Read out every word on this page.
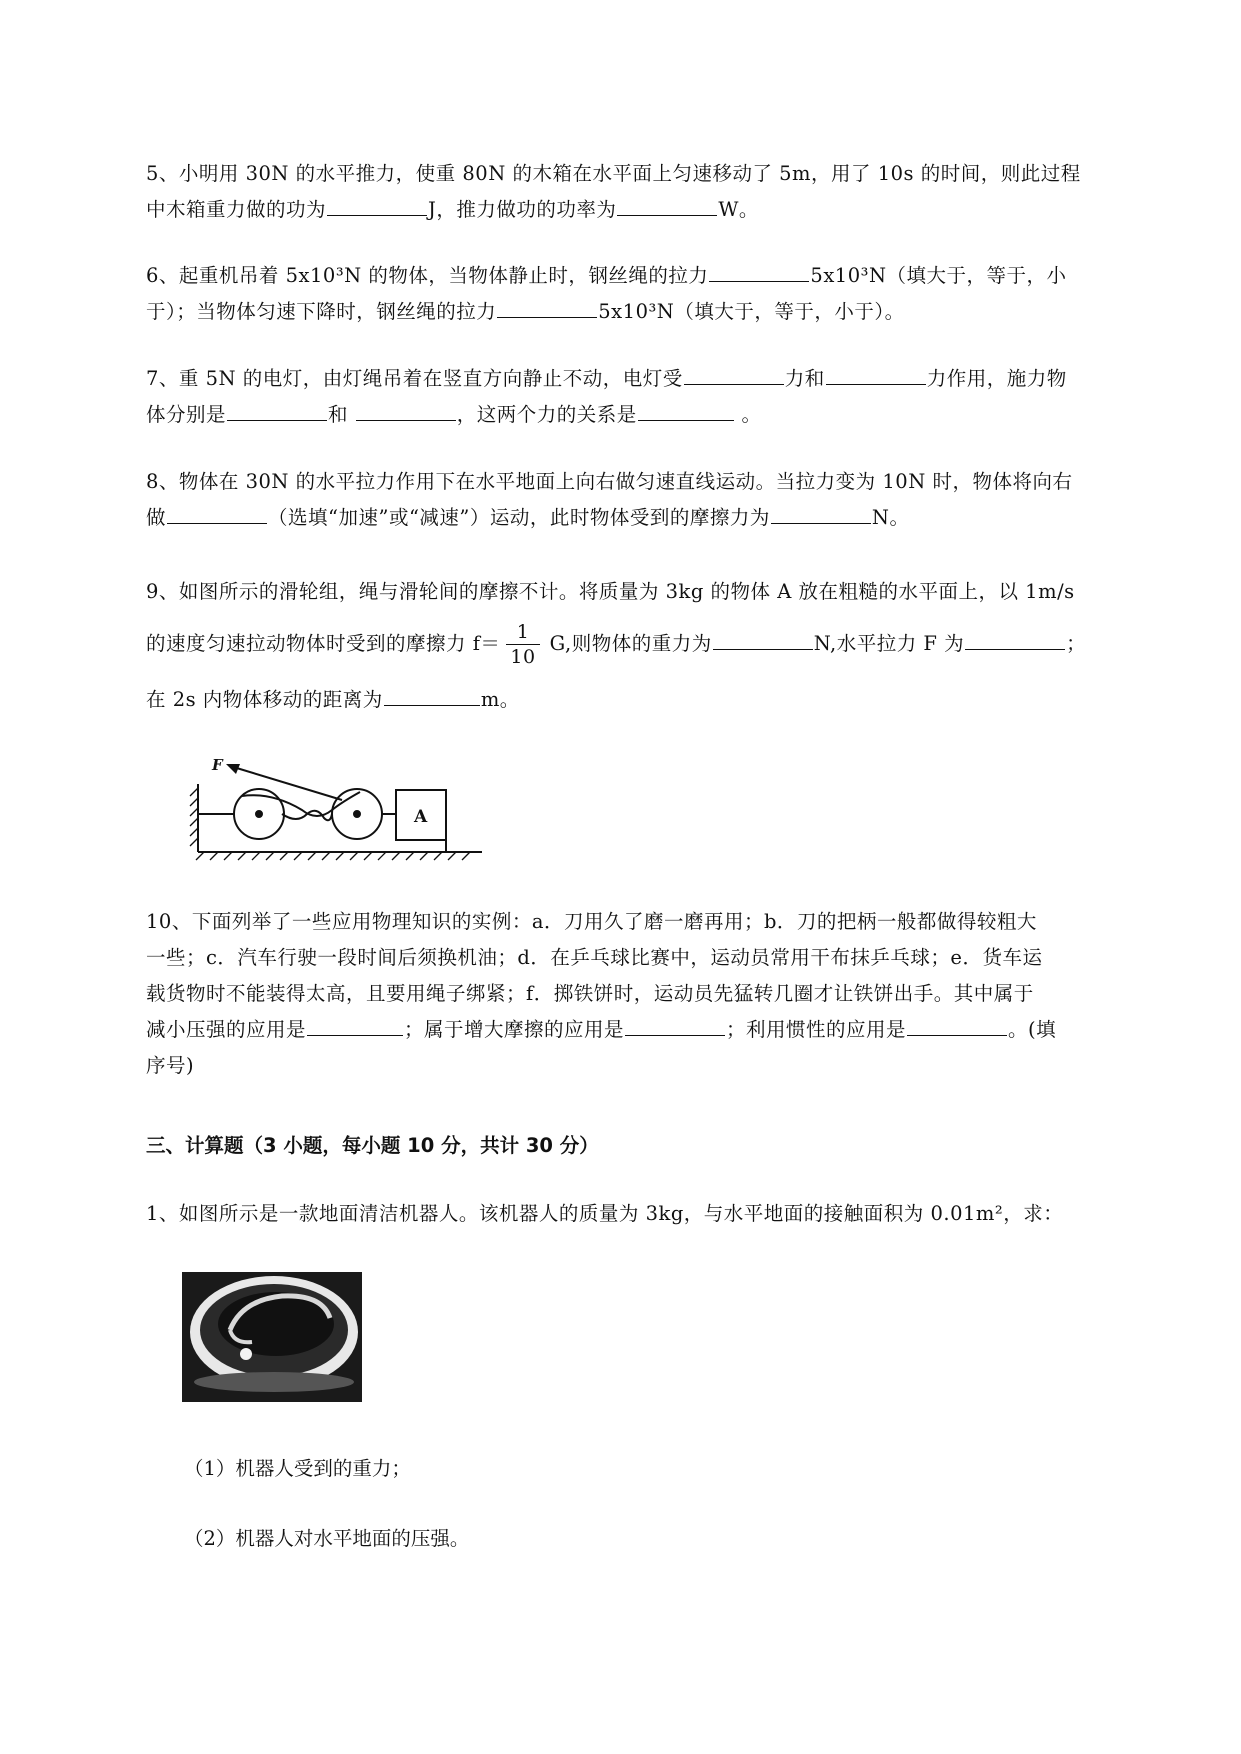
5、小明用 30N 的水平推力，使重 80N 的木箱在水平面上匀速移动了 5m，用了 10s 的时间，则此过程
中木箱重力做的功为	J，推力做功的功率为	W。
6、起重机吊着 5x10³N 的物体，当物体静止时，钢丝绳的拉力	5x10³N（填大于，等于，小
于）；当物体匀速下降时，钢丝绳的拉力	5x10³N（填大于，等于，小于）。
7、重 5N 的电灯，由灯绳吊着在竖直方向静止不动，电灯受	力和	力作用，施力物
体分别是	和	，这两个力的关系是	。
8、物体在 30N 的水平拉力作用下在水平地面上向右做匀速直线运动。当拉力变为 10N 时，物体将向右
做	（选填“加速”或“减速”）运动，此时物体受到的摩擦力为	N。
9、如图所示的滑轮组，绳与滑轮间的摩擦不计。将质量为 3kg 的物体 A 放在粗糙的水平面上，以 1m/s
的速度匀速拉动物体时受到的摩擦力 $f= \frac{1}{10} G$,则物体的重力为	N,水平拉力 F 为	；
在 2s 内物体移动的距离为	m。
F
A
10、下面列举了一些应用物理知识的实例：a．刀用久了磨一磨再用；b．刀的把柄一般都做得较粗大
一些；c．汽车行驶一段时间后须换机油；d．在乒乓球比赛中，运动员常用干布抹乒乓球；e．货车运
载货物时不能装得太高，且要用绳子绑紧；f．掷铁饼时，运动员先猛转几圈才让铁饼出手。其中属于
减小压强的应用是	；属于增大摩擦的应用是	；利用惯性的应用是	。(填
序号)
三、计算题（3 小题，每小题 10 分，共计 30 分）
1、如图所示是一款地面清洁机器人。该机器人的质量为 3kg，与水平地面的接触面积为 0.01m²，求：
（1）机器人受到的重力；
（2）机器人对水平地面的压强。
